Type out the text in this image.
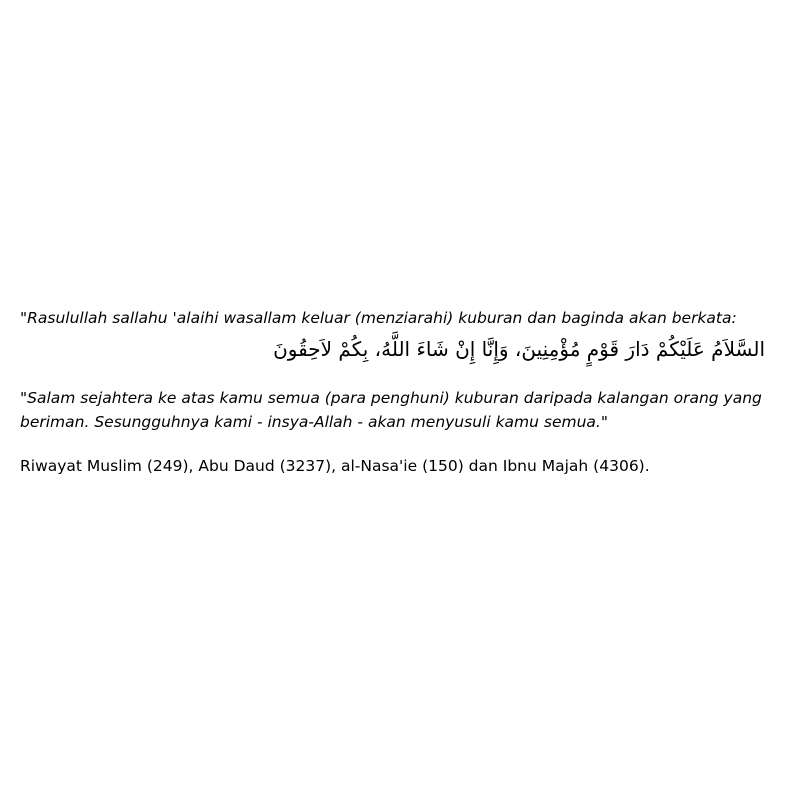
"Rasulullah sallahu 'alaihi wasallam keluar (menziarahi) kuburan dan baginda akan berkata:

السَّلاَمُ عَلَيْكُمْ دَارَ قَوْمٍ مُؤْمِنِينَ، وَإِنَّا إِنْ شَاءَ اللَّهُ، بِكُمْ لاَحِقُونَ

"Salam sejahtera ke atas kamu semua (para penghuni) kuburan daripada kalangan orang yang beriman. Sesungguhnya kami - insya-Allah - akan menyusuli kamu semua."

Riwayat Muslim (249), Abu Daud (3237), al-Nasa'ie (150) dan Ibnu Majah (4306).
